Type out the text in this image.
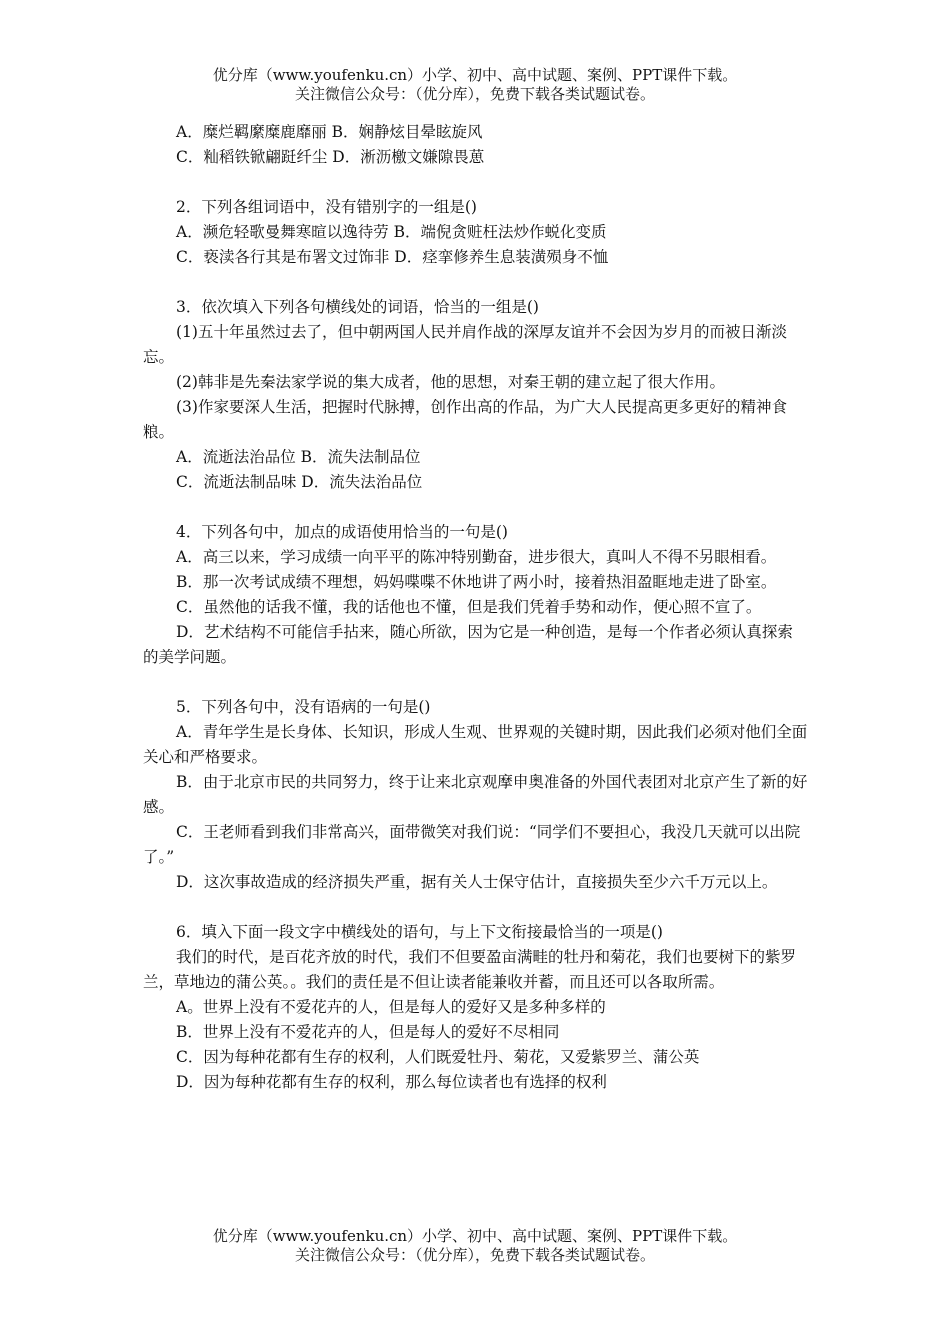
优分库（www.youfenku.cn）小学、初中、高中试题、案例、PPT课件下载。
关注微信公众号：（优分库），免费下载各类试题试卷。

A．糜烂羁縻糜鹿靡丽 B．娴静炫目晕眩旋风

C．籼稻铁锨翩跹纤尘 D．淅沥檄文嫌隙畏葸

2．下列各组词语中，没有错别字的一组是()

A．濒危轻歌曼舞寒暄以逸待劳 B．端倪贪赃枉法炒作蜕化变质

C．亵渎各行其是布署文过饰非 D．痉挛修养生息装潢殒身不恤

3．依次填入下列各句横线处的词语，恰当的一组是()

(1)五十年虽然过去了，但中朝两国人民并肩作战的深厚友谊并不会因为岁月的而被日渐淡忘。

(2)韩非是先秦法家学说的集大成者，他的思想，对秦王朝的建立起了很大作用。

(3)作家要深人生活，把握时代脉搏，创作出高的作品，为广大人民提高更多更好的精神食粮。

A．流逝法治品位 B．流失法制品位

C．流逝法制品味 D．流失法治品位

4．下列各句中，加点的成语使用恰当的一句是()

A．高三以来，学习成绩一向平平的陈冲特别勤奋，进步很大，真叫人不得不另眼相看。

B．那一次考试成绩不理想，妈妈喋喋不休地讲了两小时，接着热泪盈眶地走进了卧室。

C．虽然他的话我不懂，我的话他也不懂，但是我们凭着手势和动作，便心照不宣了。

D．艺术结构不可能信手拈来，随心所欲，因为它是一种创造，是每一个作者必须认真探索的美学问题。

5．下列各句中，没有语病的一句是()

A．青年学生是长身体、长知识，形成人生观、世界观的关键时期，因此我们必须对他们全面关心和严格要求。

B．由于北京市民的共同努力，终于让来北京观摩申奥准备的外国代表团对北京产生了新的好感。

C．王老师看到我们非常高兴，面带微笑对我们说：“同学们不要担心，我没几天就可以出院了。”

D．这次事故造成的经济损失严重，据有关人士保守估计，直接损失至少六千万元以上。

6．填入下面一段文字中横线处的语句，与上下文衔接最恰当的一项是()

我们的时代，是百花齐放的时代，我们不但要盈亩满畦的牡丹和菊花，我们也要树下的紫罗兰，草地边的蒲公英。。我们的责任是不但让读者能兼收并蓄，而且还可以各取所需。

A。世界上没有不爱花卉的人，但是每人的爱好又是多种多样的

B．世界上没有不爱花卉的人，但是每人的爱好不尽相同

C．因为每种花都有生存的权利，人们既爱牡丹、菊花，又爱紫罗兰、蒲公英

D．因为每种花都有生存的权利，那么每位读者也有选择的权利

优分库（www.youfenku.cn）小学、初中、高中试题、案例、PPT课件下载。
关注微信公众号：（优分库），免费下载各类试题试卷。
